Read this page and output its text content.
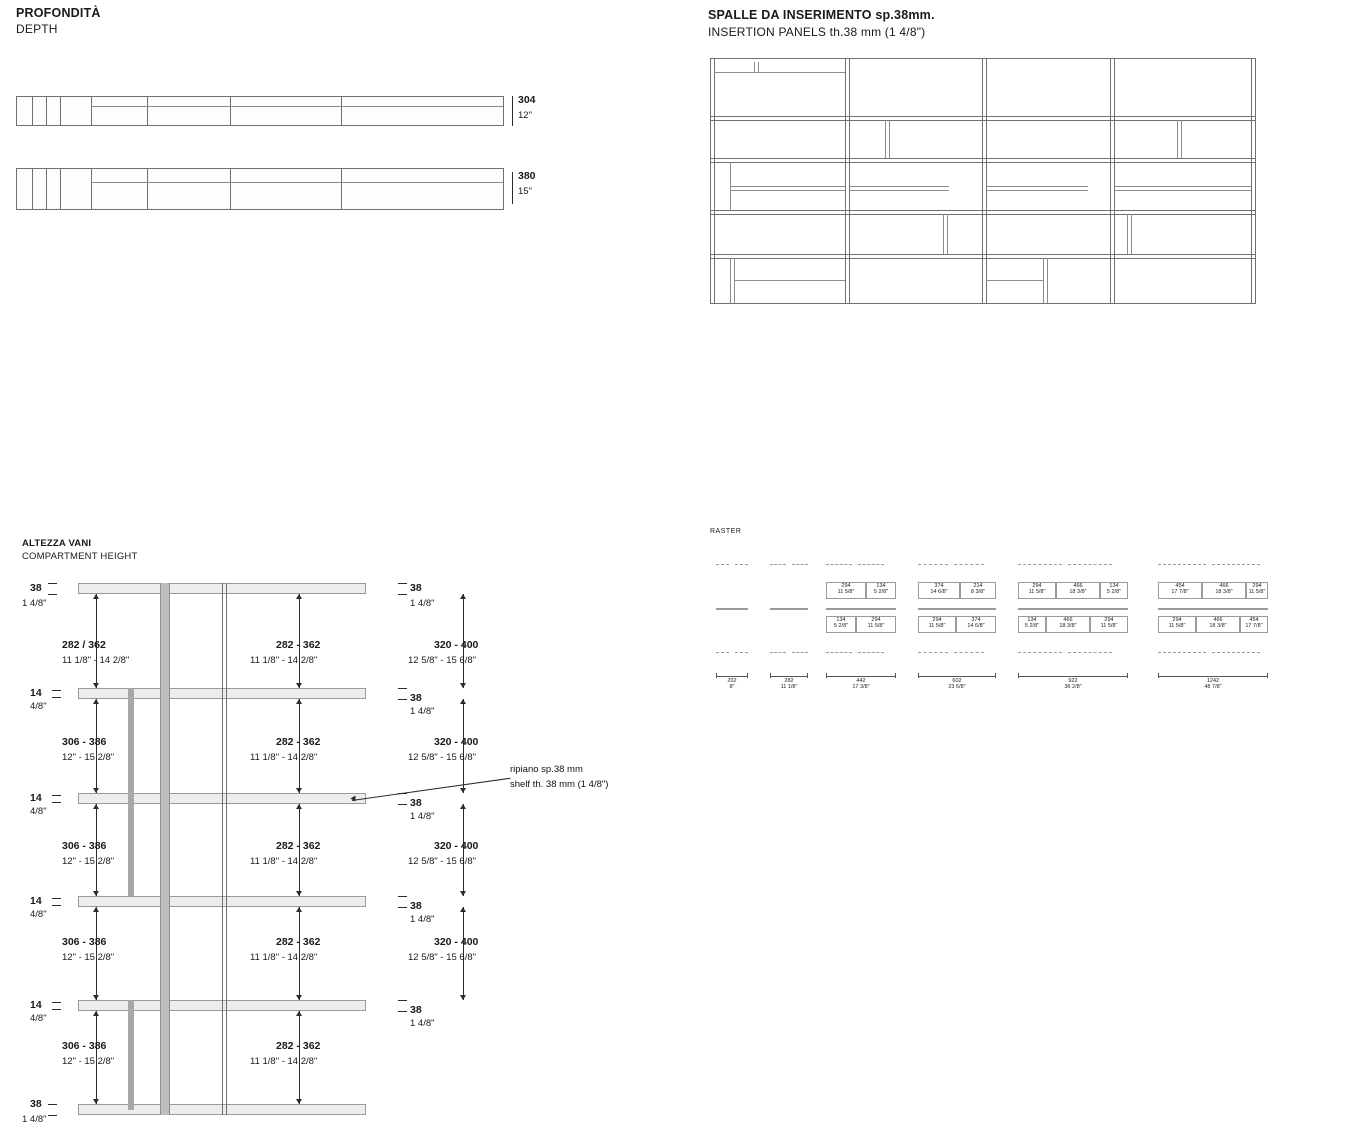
PROFONDITÀ
DEPTH
304
12"
380
15"
SPALLE DA INSERIMENTO sp.38mm.
INSERTION PANELS th.38 mm (1 4/8")
ALTEZZA VANI
COMPARTMENT HEIGHT
38
1 4/8"
38
1 4/8"
14
4/8"
14
4/8"
14
4/8"
14
4/8"
282 / 362
11 1/8" - 14 2/8"
306 - 386
12" - 15 2/8"
306 - 386
12" - 15 2/8"
306 - 386
12" - 15 2/8"
306 - 386
12" - 15 2/8"
282 - 362
11 1/8" - 14 2/8"
282 - 362
11 1/8" - 14 2/8"
282 - 362
11 1/8" - 14 2/8"
282 - 362
11 1/8" - 14 2/8"
282 - 362
11 1/8" - 14 2/8"
38
1 4/8"
38
1 4/8"
38
1 4/8"
38
1 4/8"
38
1 4/8"
320 - 400
12 5/8" - 15 6/8"
320 - 400
12 5/8" - 15 6/8"
320 - 400
12 5/8" - 15 6/8"
320 - 400
12 5/8" - 15 6/8"
ripiano sp.38 mm
shelf th. 38 mm (1 4/8")
RASTER
202
8"
282
11 1/8"
294
11 5/8"
134
5 2/8"
134
5 2/8"
294
11 5/8"
442
17 3/8"
374
14 6/8"
214
8 3/8"
294
11 5/8"
374
14 6/8"
602
23 6/8"
294
11 5/8"
466
18 3/8"
134
5 2/8"
134
5 2/8"
466
18 3/8"
294
11 5/8"
922
36 2/8"
454
17 7/8"
466
18 3/8"
294
11 5/8"
294
11 5/8"
466
18 3/8"
454
17 7/8"
1242
48 7/8"
